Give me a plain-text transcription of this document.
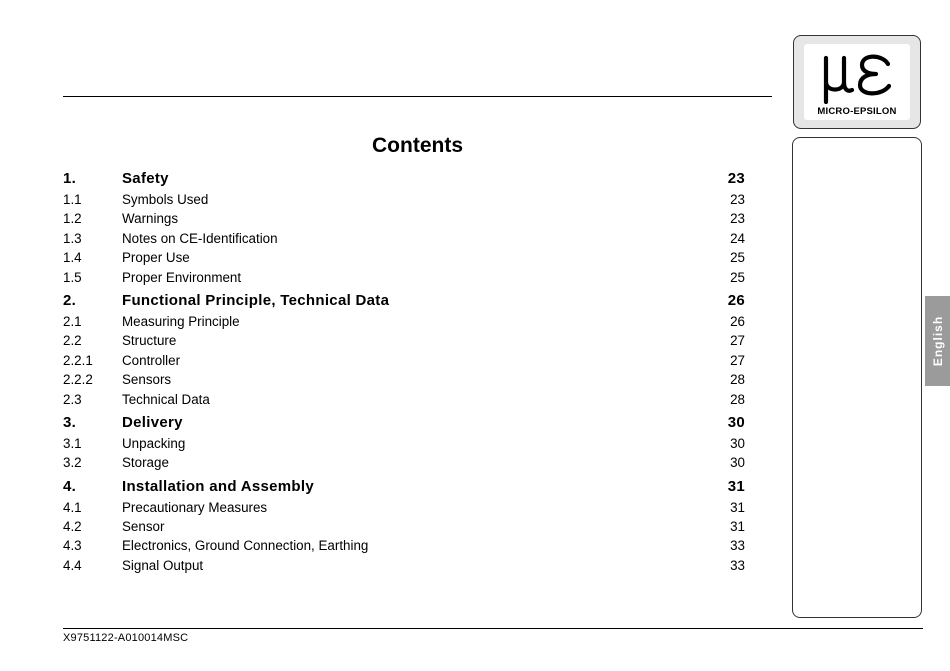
MICRO-EPSILON
English
Contents
1.	Safety	23
1.1	Symbols Used	23
1.2	Warnings	23
1.3	Notes on CE-Identification	24
1.4	Proper Use	25
1.5	Proper Environment	25
2.	Functional Principle, Technical Data	26
2.1	Measuring Principle	26
2.2	Structure	27
2.2.1	Controller	27
2.2.2	Sensors	28
2.3	Technical Data	28
3.	Delivery	30
3.1	Unpacking	30
3.2	Storage	30
4.	Installation and Assembly	31
4.1	Precautionary Measures	31
4.2	Sensor	31
4.3	Electronics, Ground Connection, Earthing	33
4.4	Signal Output	33
X9751122-A010014MSC
